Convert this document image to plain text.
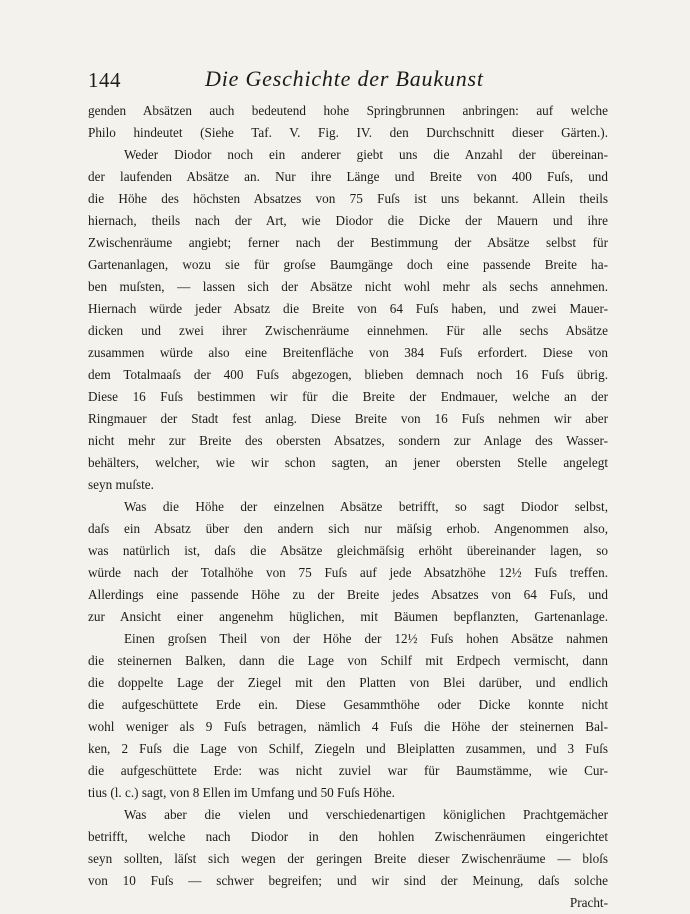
144	Die Geschichte der Baukunst
genden Absätzen auch bedeutend hohe Springbrunnen anbringen: auf welche
Philo hindeutet (Siehe Taf. V. Fig. IV. den Durchschnitt dieser Gärten.).
Weder Diodor noch ein anderer giebt uns die Anzahl der übereinan-
der laufenden Absätze an. Nur ihre Länge und Breite von 400 Fuſs, und
die Höhe des höchsten Absatzes von 75 Fuſs ist uns bekannt. Allein theils
hiernach, theils nach der Art, wie Diodor die Dicke der Mauern und ihre
Zwischenräume angiebt; ferner nach der Bestimmung der Absätze selbst für
Gartenanlagen, wozu sie für groſse Baumgänge doch eine passende Breite ha-
ben muſsten, — lassen sich der Absätze nicht wohl mehr als sechs annehmen.
Hiernach würde jeder Absatz die Breite von 64 Fuſs haben, und zwei Mauer-
dicken und zwei ihrer Zwischenräume einnehmen. Für alle sechs Absätze
zusammen würde also eine Breitenfläche von 384 Fuſs erfordert. Diese von
dem Totalmaaſs der 400 Fuſs abgezogen, blieben demnach noch 16 Fuſs übrig.
Diese 16 Fuſs bestimmen wir für die Breite der Endmauer, welche an der
Ringmauer der Stadt fest anlag. Diese Breite von 16 Fuſs nehmen wir aber
nicht mehr zur Breite des obersten Absatzes, sondern zur Anlage des Wasser-
behälters, welcher, wie wir schon sagten, an jener obersten Stelle angelegt
seyn muſste.
Was die Höhe der einzelnen Absätze betrifft, so sagt Diodor selbst,
daſs ein Absatz über den andern sich nur mäſsig erhob. Angenommen also,
was natürlich ist, daſs die Absätze gleichmäſsig erhöht übereinander lagen, so
würde nach der Totalhöhe von 75 Fuſs auf jede Absatzhöhe 12½ Fuſs treffen.
Allerdings eine passende Höhe zu der Breite jedes Absatzes von 64 Fuſs, und
zur Ansicht einer angenehm hüglichen, mit Bäumen bepflanzten, Gartenanlage.
Einen groſsen Theil von der Höhe der 12½ Fuſs hohen Absätze nahmen
die steinernen Balken, dann die Lage von Schilf mit Erdpech vermischt, dann
die doppelte Lage der Ziegel mit den Platten von Blei darüber, und endlich
die aufgeschüttete Erde ein. Diese Gesammthöhe oder Dicke konnte nicht
wohl weniger als 9 Fuſs betragen, nämlich 4 Fuſs die Höhe der steinernen Bal-
ken, 2 Fuſs die Lage von Schilf, Ziegeln und Bleiplatten zusammen, und 3 Fuſs
die aufgeschüttete Erde: was nicht zuviel war für Baumstämme, wie Cur-
tius (l. c.) sagt, von 8 Ellen im Umfang und 50 Fuſs Höhe.
Was aber die vielen und verschiedenartigen königlichen Prachtgemächer
betrifft, welche nach Diodor in den hohlen Zwischenräumen eingerichtet
seyn sollten, läſst sich wegen der geringen Breite dieser Zwischenräume — bloſs
von 10 Fuſs — schwer begreifen; und wir sind der Meinung, daſs solche
Pracht-
